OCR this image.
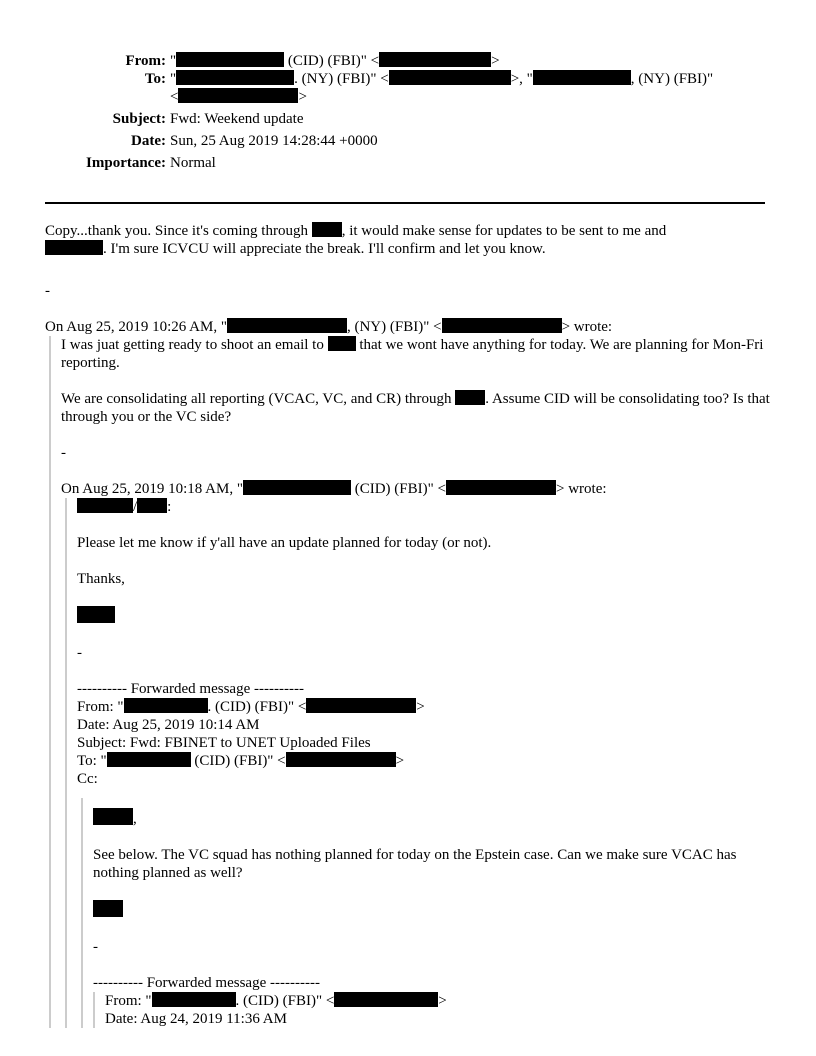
From: "	(CID) (FBI)" <	>
To: "	. (NY) (FBI)" <	>, "	, (NY) (FBI)"
<	>
Subject: Fwd: Weekend update
Date: Sun, 25 Aug 2019 14:28:44 +0000
Importance: Normal

Copy...thank you. Since it's coming through , it would make sense for updates to be sent to me and
. I'm sure ICVCU will appreciate the break. I'll confirm and let you know.

-

On Aug 25, 2019 10:26 AM, "	, (NY) (FBI)" <	> wrote:

I was juat getting ready to shoot an email to  that we wont have anything for today. We are planning for Mon-Fri reporting.

We are consolidating all reporting (VCAC, VC, and CR) through . Assume CID will be consolidating too? Is that through you or the VC side?

-

On Aug 25, 2019 10:18 AM, "	(CID) (FBI)" <	> wrote:

/ :

Please let me know if y'all have an update planned for today (or not).

Thanks,

-

---------- Forwarded message ----------

From: "	. (CID) (FBI)" <	>

Date: Aug 25, 2019 10:14 AM

Subject: Fwd: FBINET to UNET Uploaded Files

To: "	(CID) (FBI)" <	>

Cc:

,

See below. The VC squad has nothing planned for today on the Epstein case. Can we make sure VCAC has nothing planned as well?

-

---------- Forwarded message ----------

From: "	. (CID) (FBI)" <	>

Date: Aug 24, 2019 11:36 AM
